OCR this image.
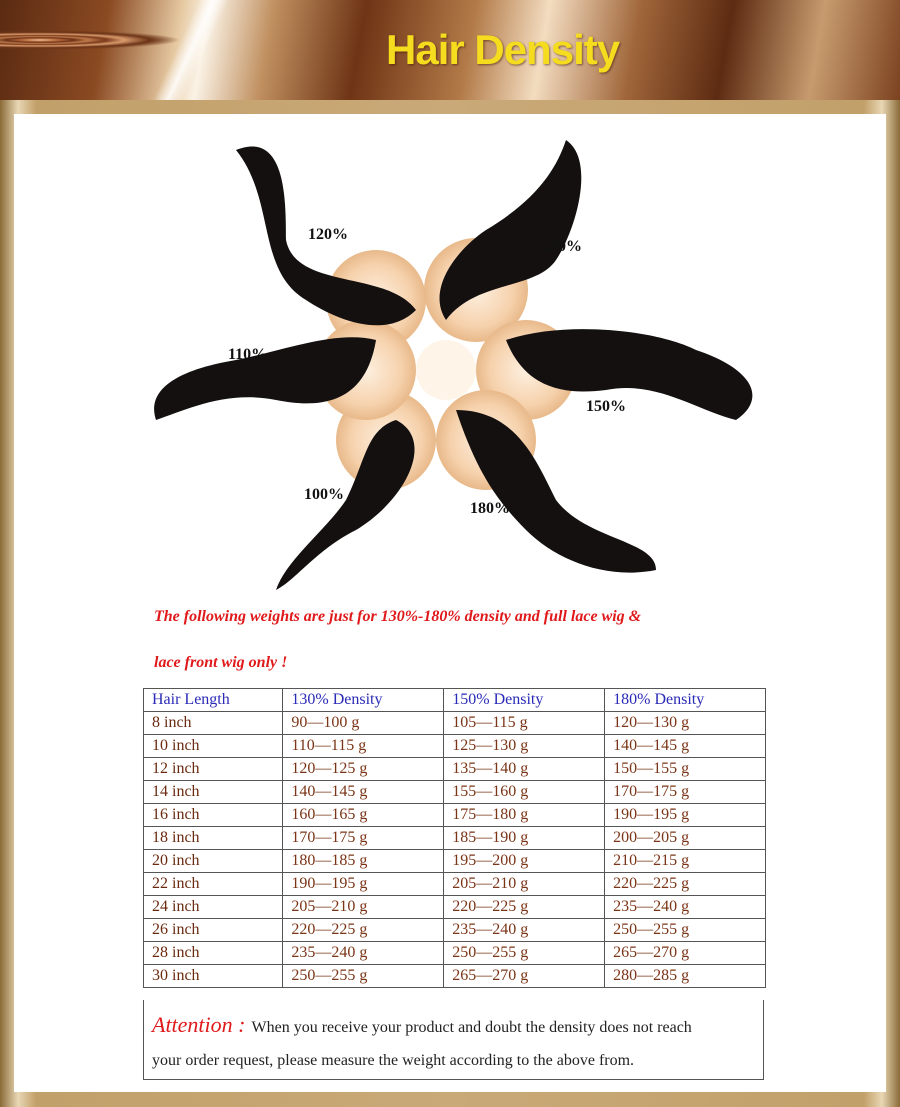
Hair Density
120%
130%
110%
150%
100%
180%
The following weights are just for 130%-180% density and full lace wig &
lace front wig only !
Hair Length	130% Density	150% Density	180% Density
8 inch	90—100 g	105—115 g	120—130 g
10 inch	110—115 g	125—130 g	140—145 g
12 inch	120—125 g	135—140 g	150—155 g
14 inch	140—145 g	155—160 g	170—175 g
16 inch	160—165 g	175—180 g	190—195 g
18 inch	170—175 g	185—190 g	200—205 g
20 inch	180—185 g	195—200 g	210—215 g
22 inch	190—195 g	205—210 g	220—225 g
24 inch	205—210 g	220—225 g	235—240 g
26 inch	220—225 g	235—240 g	250—255 g
28 inch	235—240 g	250—255 g	265—270 g
30 inch	250—255 g	265—270 g	280—285 g
Attention : When you receive your product and doubt the density does not reach
your order request, please measure the weight according to the above from.
